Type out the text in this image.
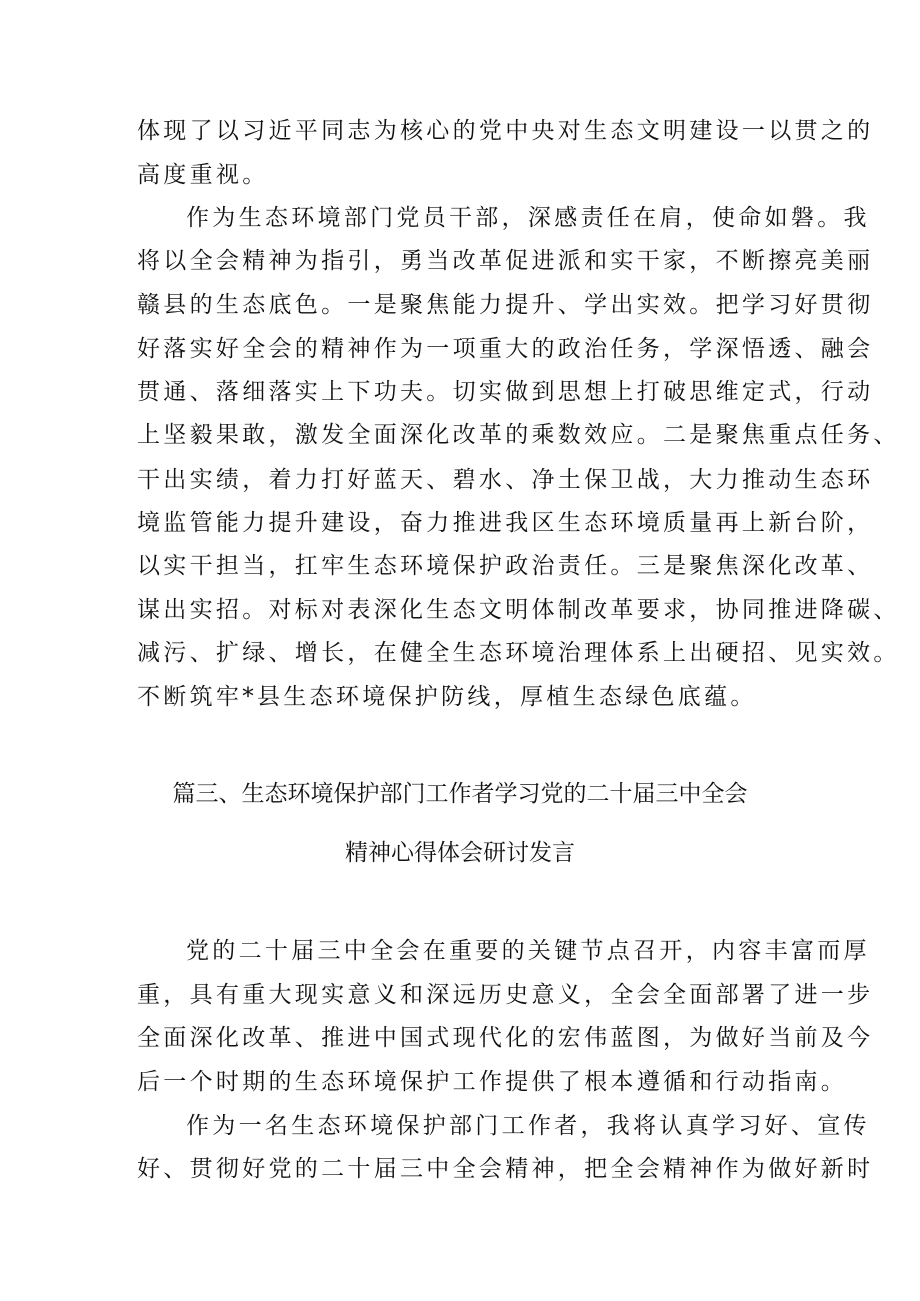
体现了以习近平同志为核心的党中央对生态文明建设一以贯之的
高度重视。
作为生态环境部门党员干部，深感责任在肩，使命如磐。我
将以全会精神为指引，勇当改革促进派和实干家，不断擦亮美丽
赣县的生态底色。一是聚焦能力提升、学出实效。把学习好贯彻
好落实好全会的精神作为一项重大的政治任务，学深悟透、融会
贯通、落细落实上下功夫。切实做到思想上打破思维定式，行动
上坚毅果敢，激发全面深化改革的乘数效应。二是聚焦重点任务、
干出实绩，着力打好蓝天、碧水、净土保卫战，大力推动生态环
境监管能力提升建设，奋力推进我区生态环境质量再上新台阶，
以实干担当，扛牢生态环境保护政治责任。三是聚焦深化改革、
谋出实招。对标对表深化生态文明体制改革要求，协同推进降碳、
减污、扩绿、增长，在健全生态环境治理体系上出硬招、见实效。
不断筑牢*县生态环境保护防线，厚植生态绿色底蕴。
篇三、生态环境保护部门工作者学习党的二十届三中全会
精神心得体会研讨发言
党的二十届三中全会在重要的关键节点召开，内容丰富而厚
重，具有重大现实意义和深远历史意义，全会全面部署了进一步
全面深化改革、推进中国式现代化的宏伟蓝图，为做好当前及今
后一个时期的生态环境保护工作提供了根本遵循和行动指南。
作为一名生态环境保护部门工作者，我将认真学习好、宣传
好、贯彻好党的二十届三中全会精神，把全会精神作为做好新时
